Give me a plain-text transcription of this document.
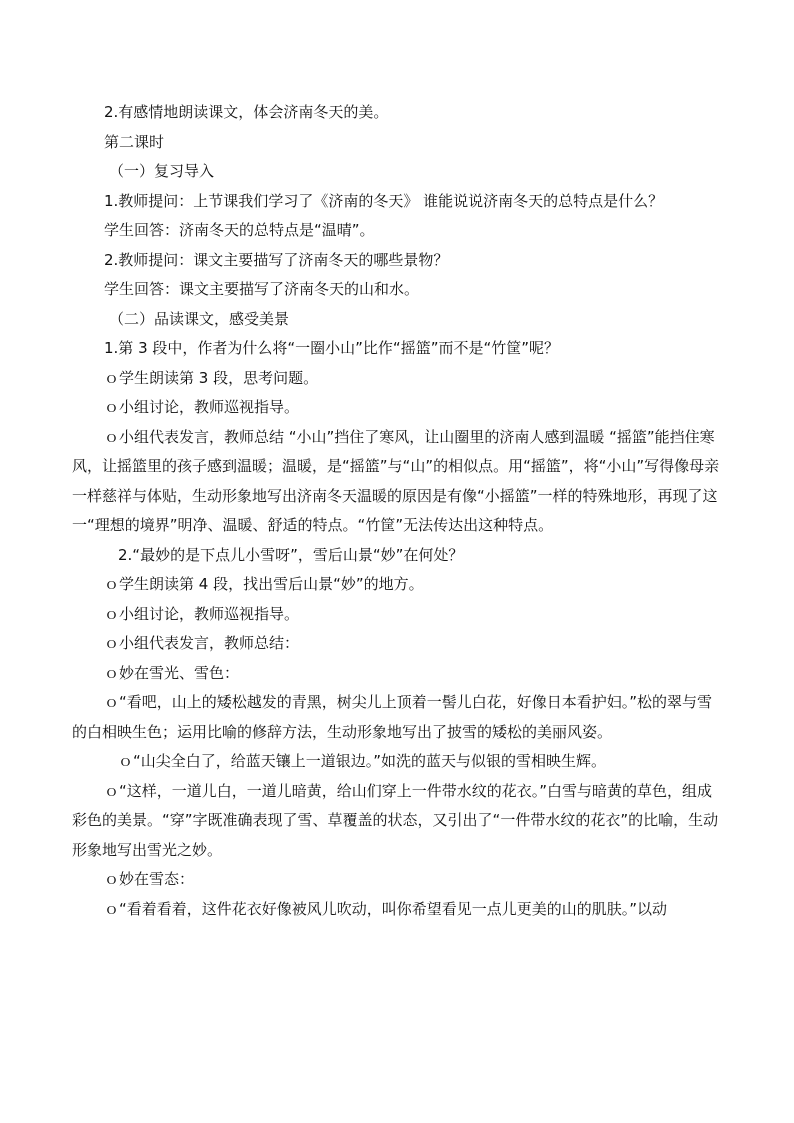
2.有感情地朗读课文，体会济南冬天的美。

第二课时

（一）复习导入

1.教师提问：上节课我们学习了《济南的冬天》 谁能说说济南冬天的总特点是什么？

学生回答：济南冬天的总特点是“温晴”。

2.教师提问：课文主要描写了济南冬天的哪些景物？

学生回答：课文主要描写了济南冬天的山和水。

（二）品读课文，感受美景

1.第 3 段中，作者为什么将“一圈小山”比作“摇篮”而不是“竹筐”呢？

ｏ学生朗读第 3 段，思考问题。

ｏ小组讨论，教师巡视指导。

ｏ小组代表发言，教师总结 “小山”挡住了寒风，让山圈里的济南人感到温暖 “摇篮”能挡住寒风，让摇篮里的孩子感到温暖；温暖，是“摇篮”与“山”的相似点。用“摇篮”，将“小山”写得像母亲一样慈祥与体贴，生动形象地写出济南冬天温暖的原因是有像“小摇篮”一样的特殊地形，再现了这一“理想的境界”明净、温暖、舒适的特点。“竹筐”无法传达出这种特点。

2.“最妙的是下点儿小雪呀”，雪后山景“妙”在何处？

ｏ学生朗读第 4 段，找出雪后山景“妙”的地方。

ｏ小组讨论，教师巡视指导。

ｏ小组代表发言，教师总结：

ｏ妙在雪光、雪色：

ｏ“看吧，山上的矮松越发的青黑，树尖儿上顶着一髻儿白花，好像日本看护妇。”松的翠与雪的白相映生色；运用比喻的修辞方法，生动形象地写出了披雪的矮松的美丽风姿。

ｏ“山尖全白了，给蓝天镶上一道银边。”如洗的蓝天与似银的雪相映生辉。

ｏ“这样，一道儿白，一道儿暗黄，给山们穿上一件带水纹的花衣。”白雪与暗黄的草色，组成彩色的美景。“穿”字既准确表现了雪、草覆盖的状态，又引出了“一件带水纹的花衣”的比喻，生动形象地写出雪光之妙。

ｏ妙在雪态：

ｏ“看着看着，这件花衣好像被风儿吹动，叫你希望看见一点儿更美的山的肌肤。”以动
